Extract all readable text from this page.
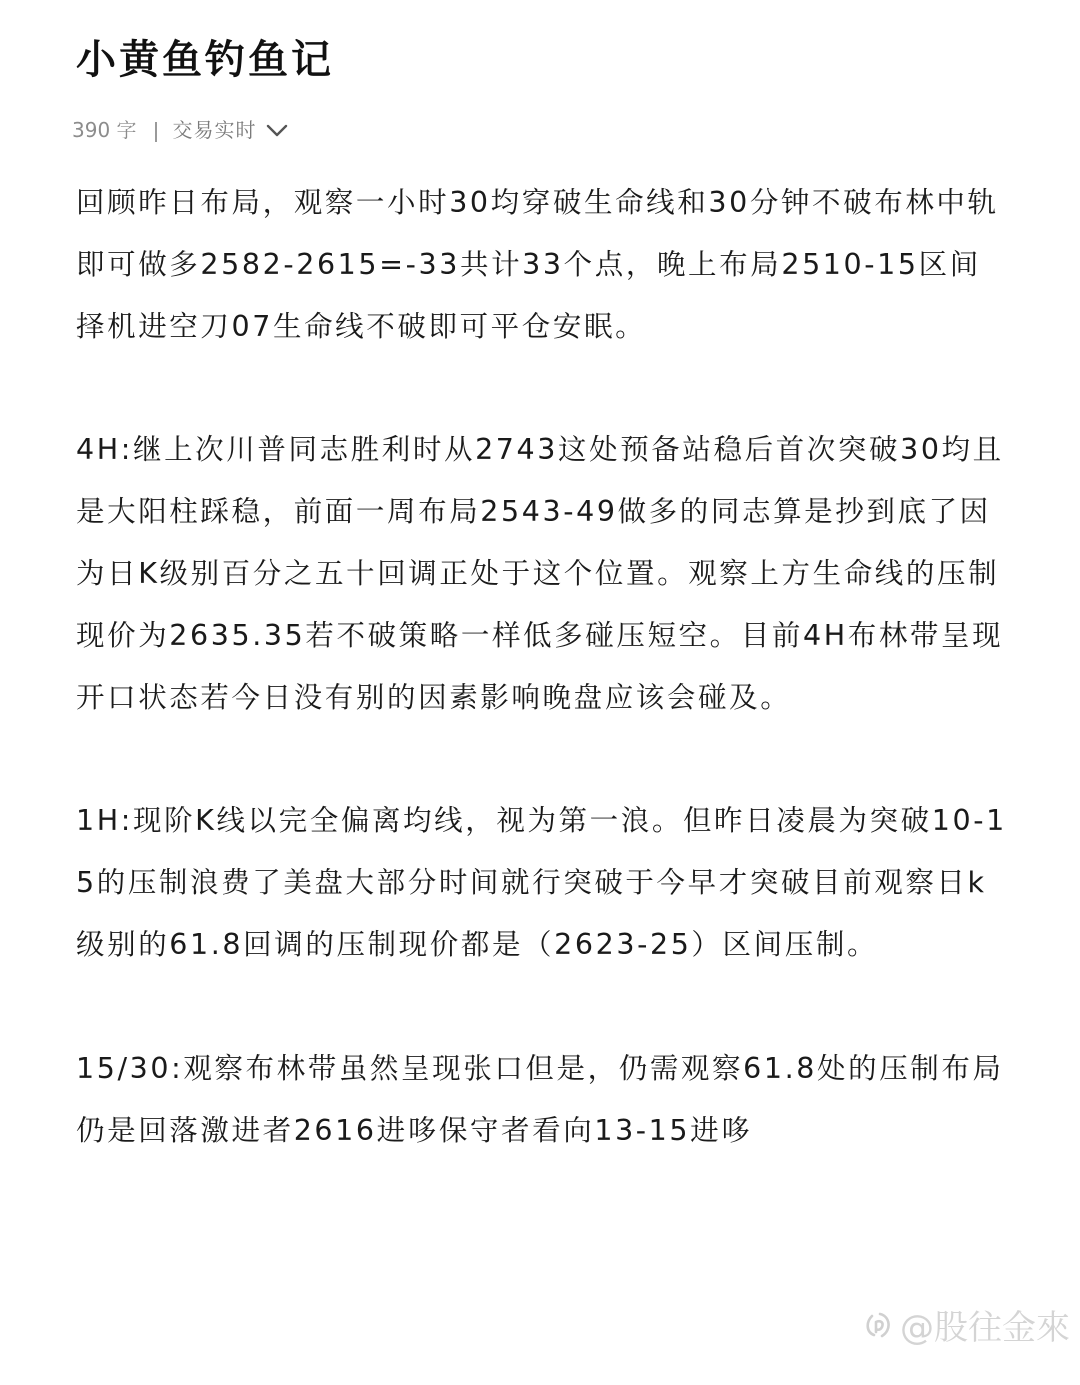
小黄鱼钓鱼记
390 字 交易实时

回顾昨日布局，观察一小时30均穿破生命线和30分钟不破布林中轨即可做多2582-2615=-33共计33个点，晚上布局2510-15区间择机进空刀07生命线不破即可平仓安眠。

4H:继上次川普同志胜利时从2743这处预备站稳后首次突破30均且是大阳柱踩稳，前面一周布局2543-49做多的同志算是抄到底了因为日K级别百分之五十回调正处于这个位置。观察上方生命线的压制现价为2635.35若不破策略一样低多碰压短空。目前4H布林带呈现开口状态若今日没有别的因素影响晚盘应该会碰及。

1H:现阶K线以完全偏离均线，视为第一浪。但昨日凌晨为突破10-15的压制浪费了美盘大部分时间就行突破于今早才突破目前观察日k级别的61.8回调的压制现价都是（2623-25）区间压制。

15/30:观察布林带虽然呈现张口但是，仍需观察61.8处的压制布局仍是回落激进者2616进哆保守者看向13-15进哆

@股往金來
